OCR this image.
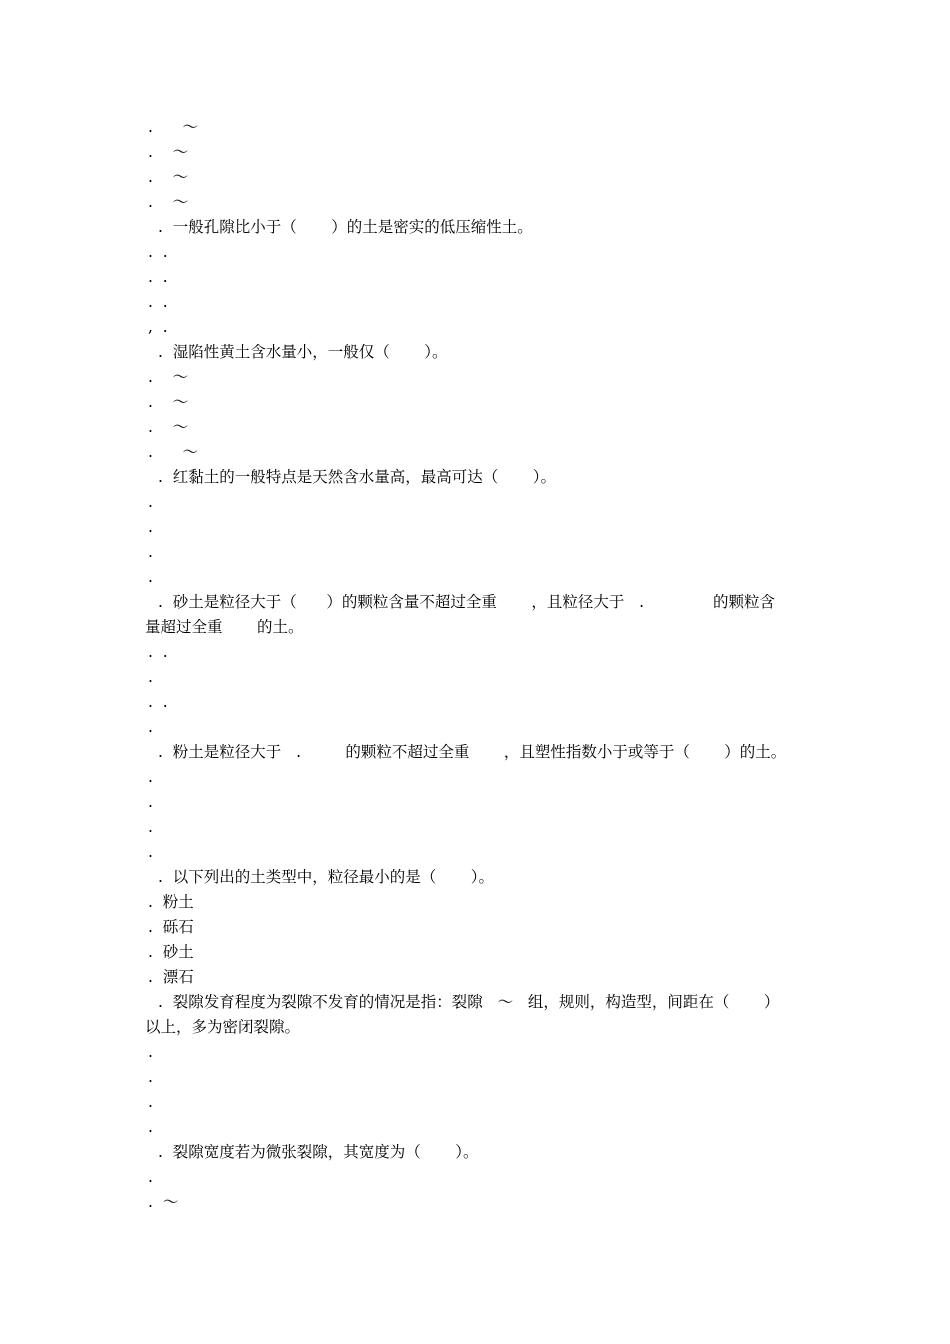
.      ～
.    ～
.    ～
.    ～
.  一般孔隙比小于（       ）的土是密实的低压缩性土。
.  .
.  .
.  .
,  .
.  湿陷性黄土含水量小，一般仅（       ）。
.    ～
.    ～
.    ～
.      ～
.  红黏土的一般特点是天然含水量高，最高可达（       ）。
.
.
.
.
.  砂土是粒径大于（      ）的颗粒含量不超过全重       ，且粒径大于   .              的颗粒含
量超过全重       的土。
.  .
.
.  .
.
.  粉土是粒径大于   .         的颗粒不超过全重       ，且塑性指数小于或等于（       ）的土。
.
.
.
.
.  以下列出的土类型中，粒径最小的是（       ）。
.  粉土
.  砾石
.  砂土
.  漂石
.  裂隙发育程度为裂隙不发育的情况是指：裂隙   ～   组，规则，构造型，间距在（       ）
以上，多为密闭裂隙。
.
.
.
.
.  裂隙宽度若为微张裂隙，其宽度为（       ）。
.
.  ～
